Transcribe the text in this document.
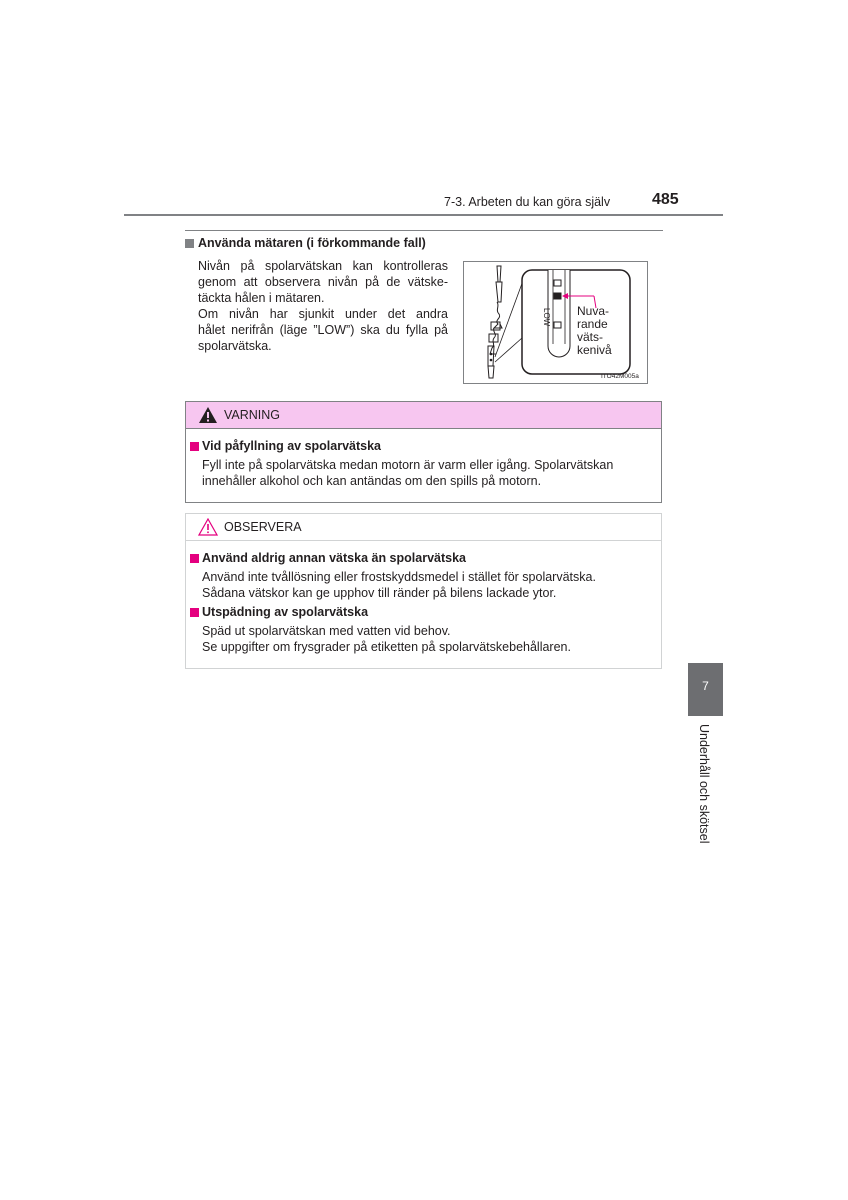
7-3. Arbeten du kan göra själv	485
Använda mätaren (i förkommande fall)
Nivån på spolarvätskan kan kontrolleras
genom att observera nivån på de vätske-
täckta hålen i mätaren.
Om nivån har sjunkit under det andra
hålet nerifrån (läge ”LOW”) ska du fylla på
spolarvätska.
LOW Nuva-
rande
väts-
kenivå
ITO42M005a
VARNING
Vid påfyllning av spolarvätska
Fyll inte på spolarvätska medan motorn är varm eller igång. Spolarvätskan
innehåller alkohol och kan antändas om den spills på motorn.
OBSERVERA
Använd aldrig annan vätska än spolarvätska
Använd inte tvållösning eller frostskyddsmedel i stället för spolarvätska.
Sådana vätskor kan ge upphov till ränder på bilens lackade ytor.
Utspädning av spolarvätska
Späd ut spolarvätskan med vatten vid behov.
Se uppgifter om frysgrader på etiketten på spolarvätskebehållaren.
7
Underhåll och skötsel
